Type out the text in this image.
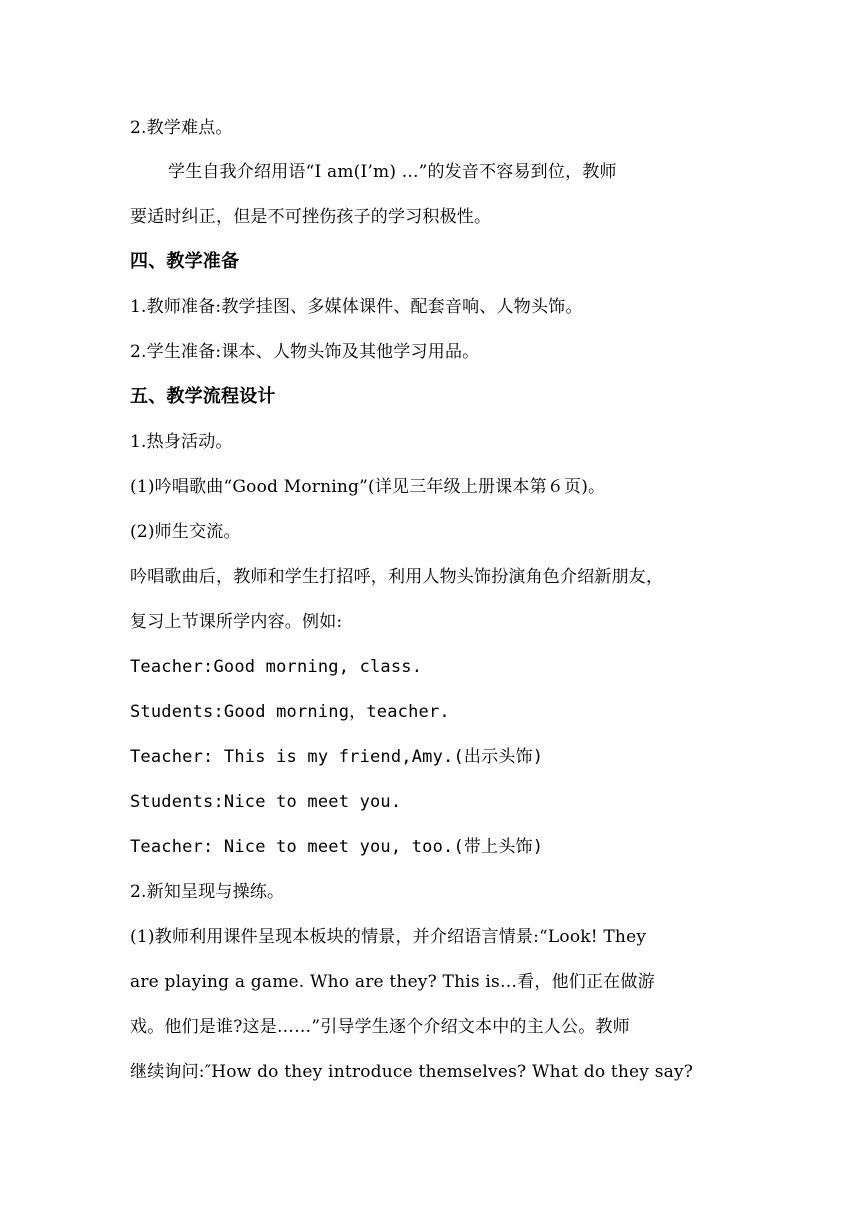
2.教学难点。
学生自我介绍用语“I am(I’m) ...”的发音不容易到位，教师
要适时纠正，但是不可挫伤孩子的学习积极性。
四、教学准备
1.教师准备:教学挂图、多媒体课件、配套音响、人物头饰。
2.学生准备:课本、人物头饰及其他学习用品。
五、教学流程设计
1.热身活动。
(1)吟唱歌曲“Good Morning”(详见三年级上册课本第６页)。
(2)师生交流。
吟唱歌曲后，教师和学生打招呼，利用人物头饰扮演角色介绍新朋友，
复习上节课所学内容。例如:
Teacher:Good morning, class.
Students:Good morning，teacher.
Teacher: This is my friend,Amy.(出示头饰)
Students:Nice to meet you.
Teacher: Nice to meet you, too.(带上头饰)
2.新知呈现与操练。
(1)教师利用课件呈现本板块的情景，并介绍语言情景:“Look! They
are playing a game. Who are they? This is…看，他们正在做游
戏。他们是谁?这是……”引导学生逐个介绍文本中的主人公。教师
继续询问:″How do they introduce themselves? What do they say?
